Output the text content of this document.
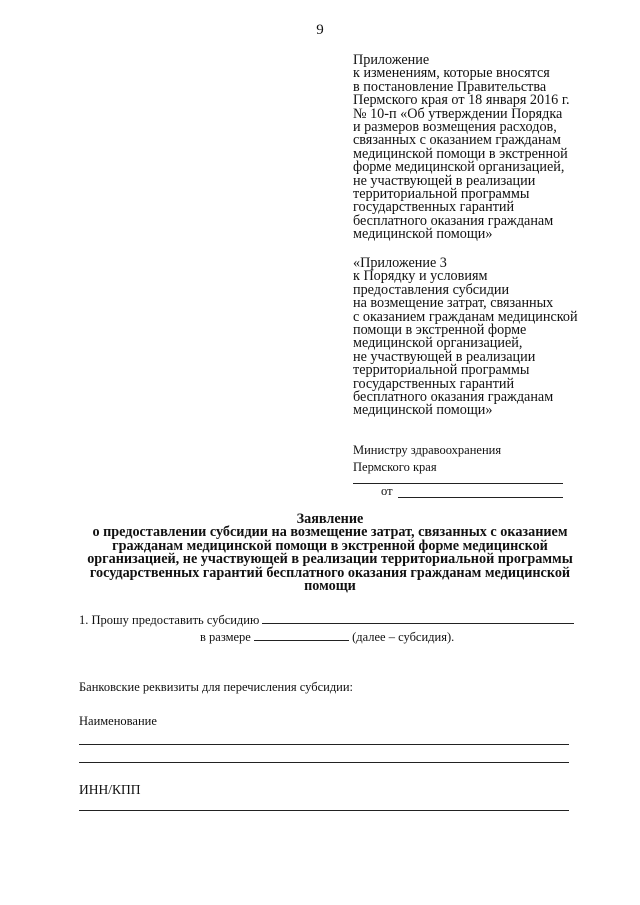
9
Приложение
к изменениям, которые вносятся
в постановление Правительства
Пермского края от 18 января 2016 г.
№ 10-п «Об утверждении Порядка
и размеров возмещения расходов,
связанных с оказанием гражданам
медицинской помощи в экстренной
форме медицинской организацией,
не участвующей в реализации
территориальной программы
государственных гарантий
бесплатного оказания гражданам
медицинской помощи»
«Приложение 3
к Порядку и условиям
предоставления субсидии
на возмещение затрат, связанных
с оказанием гражданам медицинской
помощи в экстренной форме
медицинской организацией,
не участвующей в реализации
территориальной программы
государственных гарантий
бесплатного оказания гражданам
медицинской помощи»
Министру здравоохранения
Пермского края
от
Заявление
о предоставлении субсидии на возмещение затрат, связанных с оказанием
гражданам медицинской помощи в экстренной форме медицинской
организацией, не участвующей в реализации территориальной программы
государственных гарантий бесплатного оказания гражданам медицинской
помощи
1. Прошу предоставить субсидию
в размере	(далее – субсидия).
Банковские реквизиты для перечисления субсидии:
Наименование
ИНН/КПП
